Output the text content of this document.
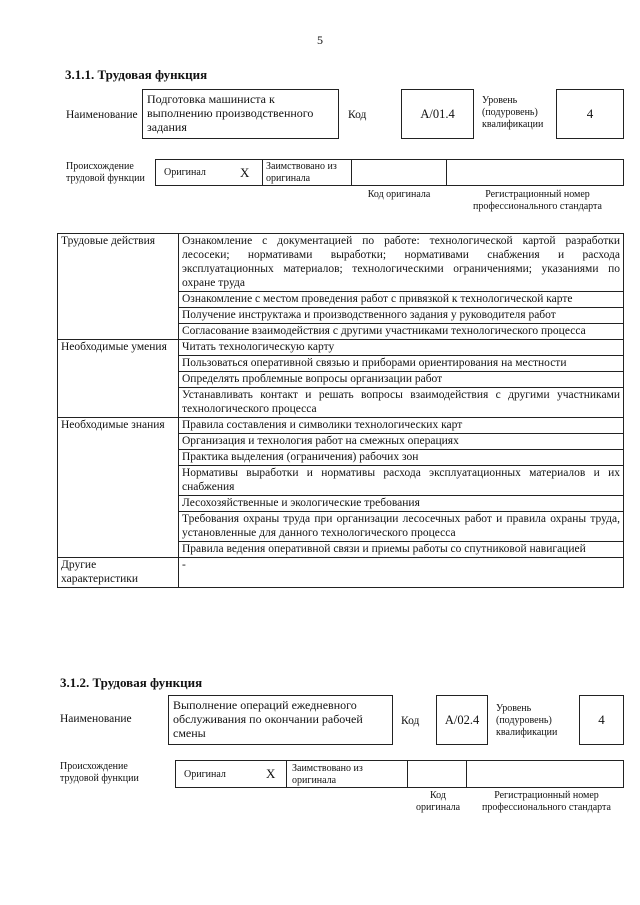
5
3.1.1. Трудовая функция
Наименование
Подготовка машиниста к выполнению производственного задания
Код	A/01.4
Уровень (подуровень) квалификации
4
Происхождение трудовой функции
Оригинал	X Заимствовано из оригинала
Код оригинала	Регистрационный номер профессионального стандарта
Трудовые действия	Ознакомление с документацией по работе: технологической картой разработки лесосеки; нормативами выработки; нормативами снабжения и расхода эксплуатационных материалов; технологическими ограничениями; указаниями по охране труда
	Ознакомление с местом проведения работ с привязкой к технологической карте
	Получение инструктажа и производственного задания у руководителя работ
	Согласование взаимодействия с другими участниками технологического процесса
Необходимые умения	Читать технологическую карту
	Пользоваться оперативной связью и приборами ориентирования на местности
	Определять проблемные вопросы организации работ
	Устанавливать контакт и решать вопросы взаимодействия с другими участниками технологического процесса
Необходимые знания	Правила составления и символики технологических карт
	Организация и технология работ на смежных операциях
	Практика выделения (ограничения) рабочих зон
	Нормативы выработки и нормативы расхода эксплуатационных материалов и их снабжения
	Лесохозяйственные и экологические требования
	Требования охраны труда при организации лесосечных работ и правила охраны труда, установленные для данного технологического процесса
	Правила ведения оперативной связи и приемы работы со спутниковой навигацией
Другие характеристики	-
3.1.2. Трудовая функция
Наименование
Выполнение операций ежедневного обслуживания по окончании рабочей смены
Код A/02.4
Уровень (подуровень) квалификации
4
Происхождение трудовой функции	Оригинал	X Заимствовано из оригинала
Код оригинала
Регистрационный номер профессионального стандарта
